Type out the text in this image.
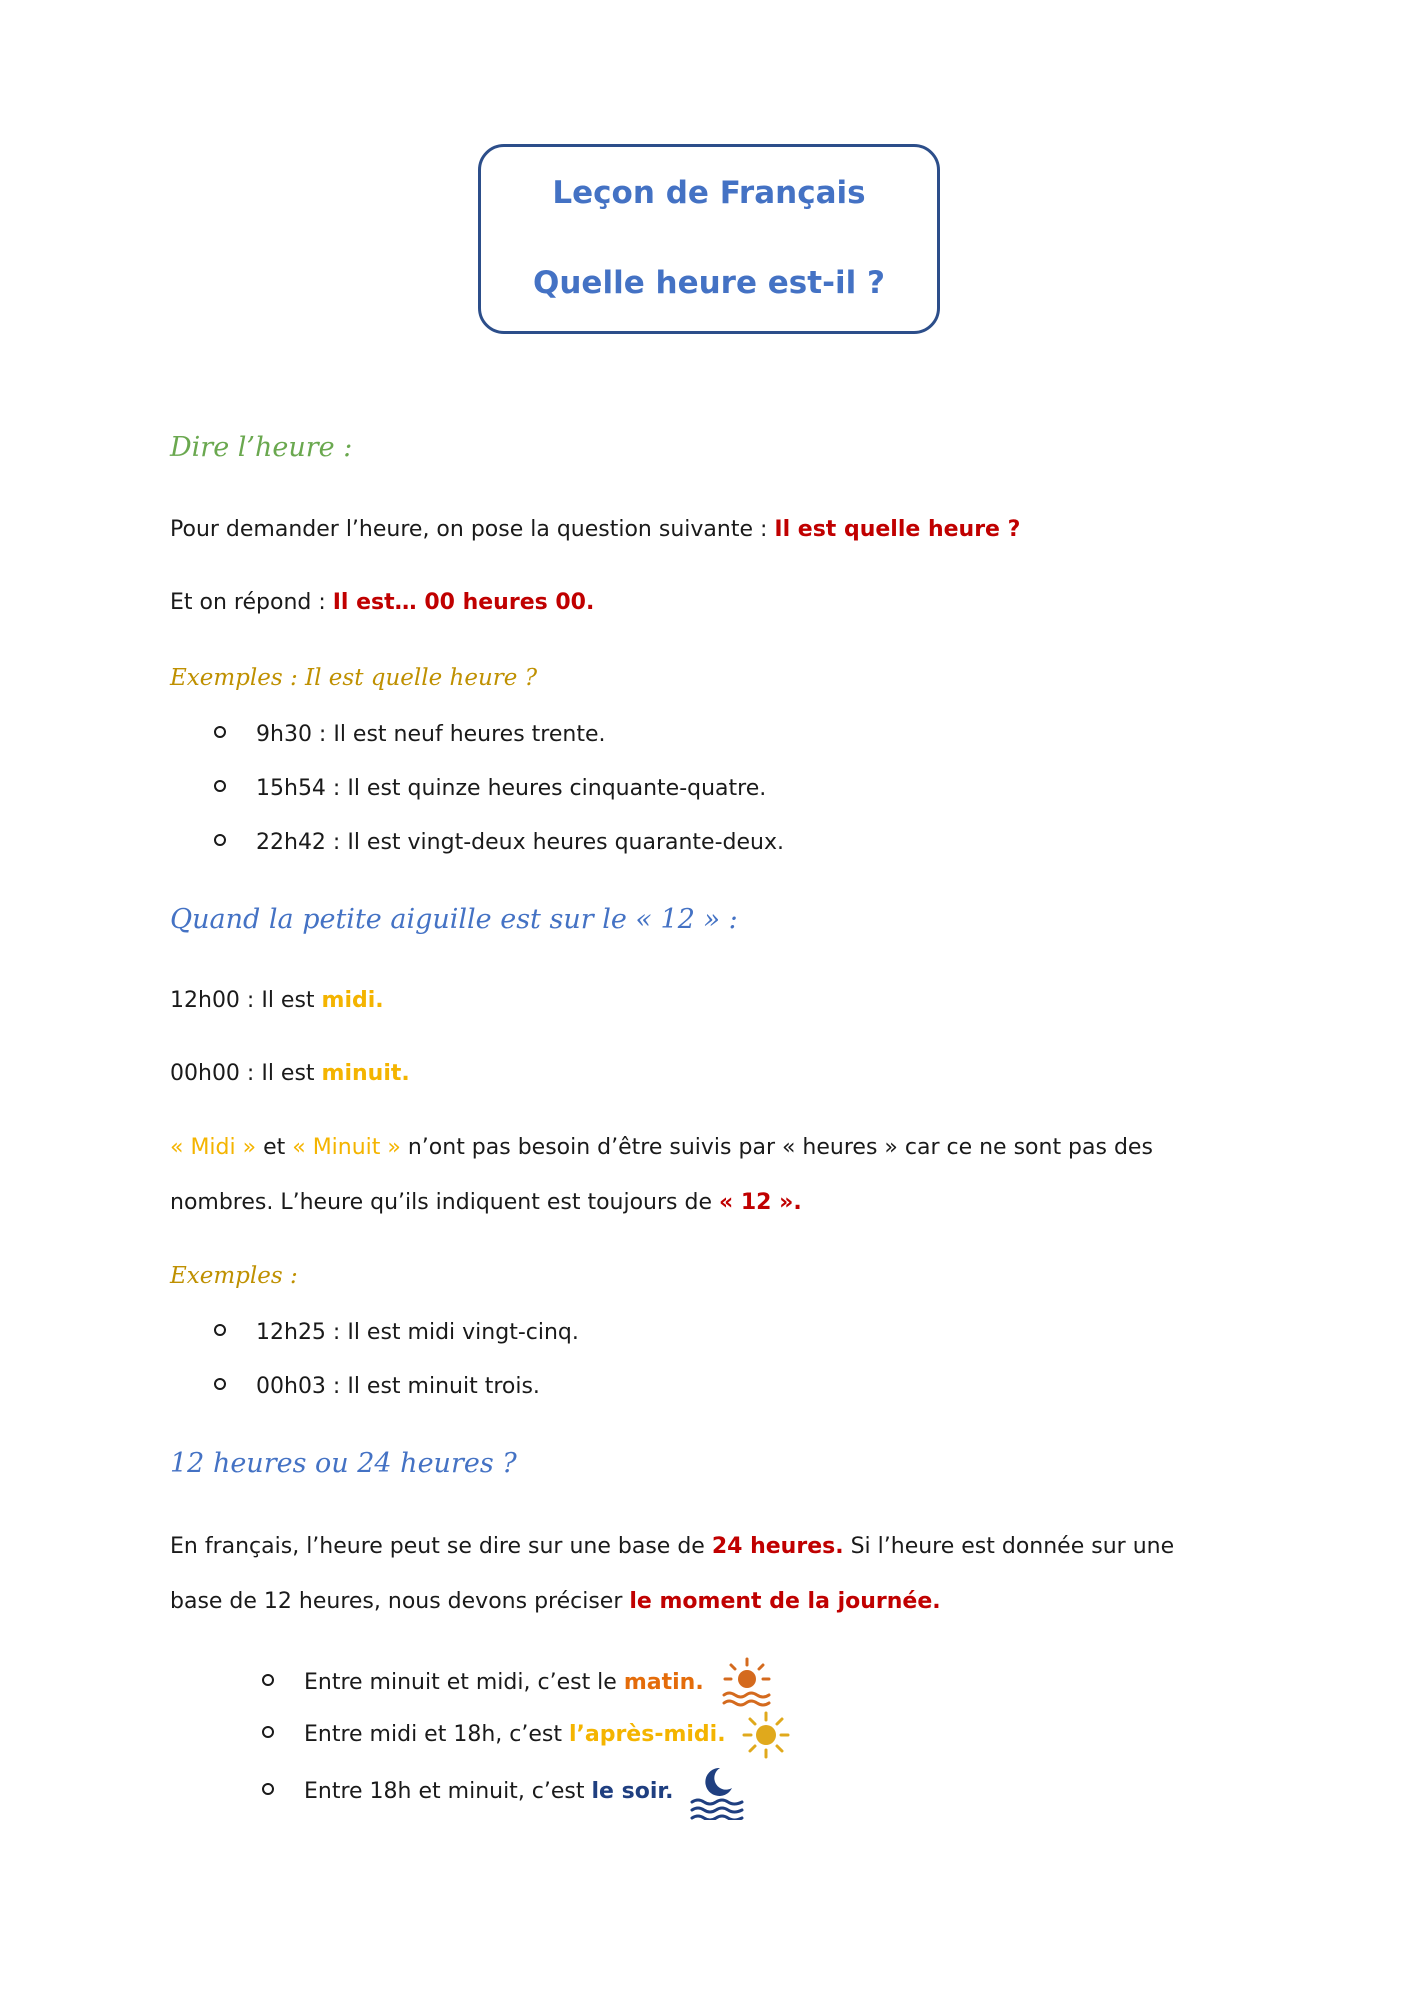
Leçon de Français
Quelle heure est-il ?
Dire l’heure :
Pour demander l’heure, on pose la question suivante : Il est quelle heure ?
Et on répond : Il est… 00 heures 00.
Exemples : Il est quelle heure ?
9h30 : Il est neuf heures trente.
15h54 : Il est quinze heures cinquante-quatre.
22h42 : Il est vingt-deux heures quarante-deux.
Quand la petite aiguille est sur le « 12 » :
12h00 : Il est midi.
00h00 : Il est minuit.
« Midi » et « Minuit » n’ont pas besoin d’être suivis par « heures » car ce ne sont pas des
nombres. L’heure qu’ils indiquent est toujours de « 12 ».
Exemples :
12h25 : Il est midi vingt-cinq.
00h03 : Il est minuit trois.
12 heures ou 24 heures ?
En français, l’heure peut se dire sur une base de 24 heures. Si l’heure est donnée sur une
base de 12 heures, nous devons préciser le moment de la journée.
Entre minuit et midi, c’est le matin.
Entre midi et 18h, c’est l’après-midi.
Entre 18h et minuit, c’est le soir.
